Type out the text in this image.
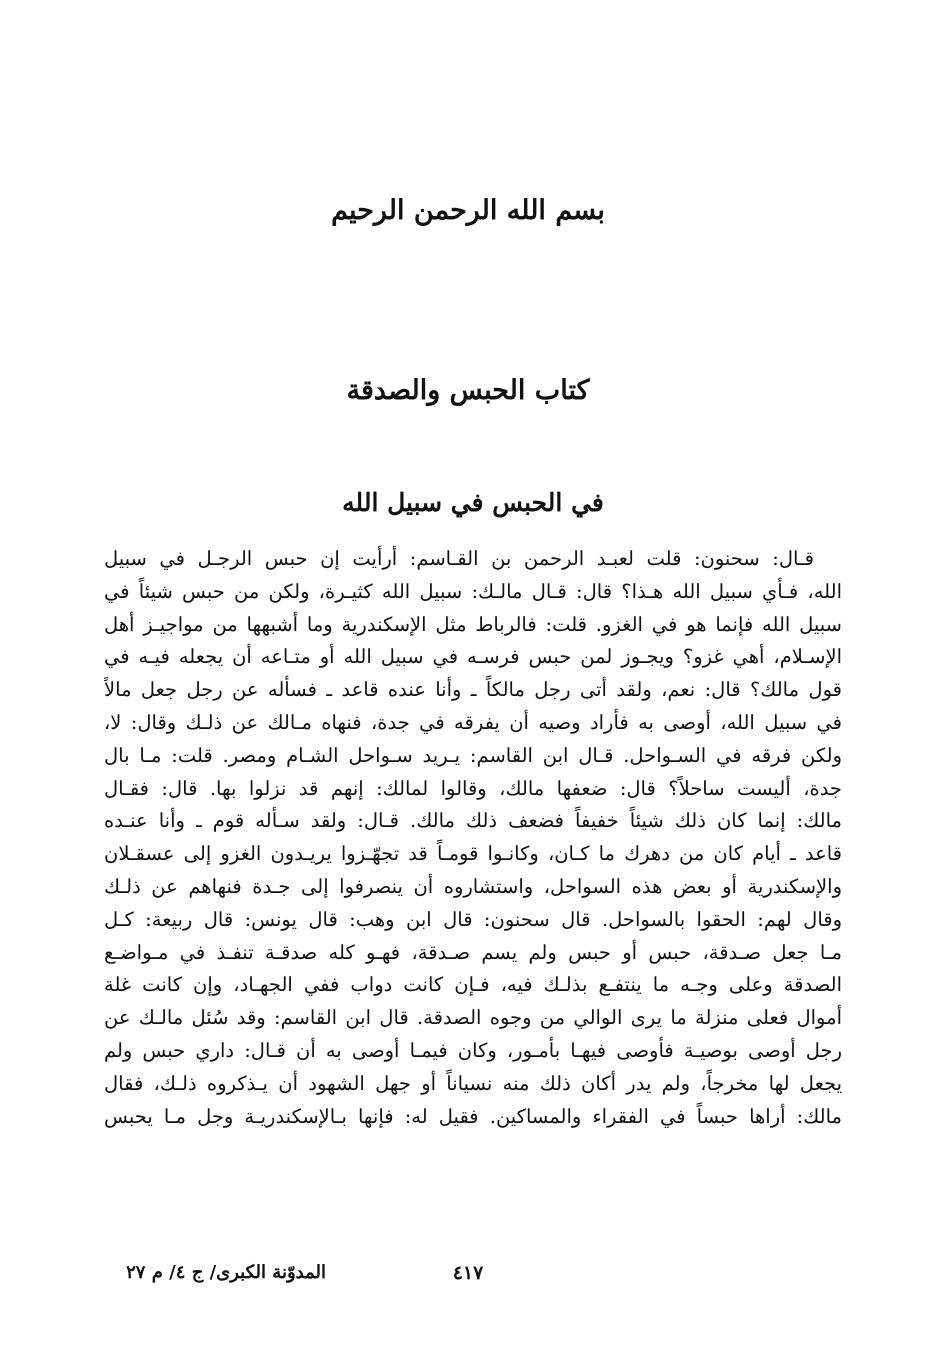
بسم الله الرحمن الرحيم
كتاب الحبس والصدقة
في الحبس في سبيل الله
قـال: سحنون: قلت لعبـد الرحمن بن القـاسم: أرأيت إن حبس الرجـل في سبيل
الله، فـأي سبيل الله هـذا؟ قال: قـال مالـك: سبيل الله كثيـرة، ولكن من حبس شيئاً في
سبيل الله فإنما هو في الغزو. قلت: فالرباط مثل الإسكندرية وما أشبهها من مواجيـز أهل
الإسـلام، أهي غزو؟ ويجـوز لمن حبس فرسـه في سبيل الله أو متـاعه أن يجعله فيـه في
قول مالك؟ قال: نعم، ولقد أتى رجل مالكاً ـ وأنا عنده قاعد ـ فسأله عن رجل جعل مالاً
في سبيل الله، أوصى به فأراد وصيه أن يفرقه في جدة، فنهاه مـالك عن ذلـك وقال: لا،
ولكن فرقه في السـواحل. قـال ابن القاسم: يـريد سـواحل الشـام ومصر. قلت: مـا بال
جدة، أليست ساحلاً؟ قال: ضعفها مالك، وقالوا لمالك: إنهم قد نزلوا بها. قال: فقـال
مالك: إنما كان ذلك شيئاً خفيفاً فضعف ذلك مالك. قـال: ولقد سـأله قوم ـ وأنا عنـده
قاعد ـ أيام كان من دهرك ما كـان، وكانـوا قومـاً قد تجهّـزوا يريـدون الغزو إلى عسقـلان
والإسكندرية أو بعض هذه السواحل، واستشاروه أن ينصرفوا إلى جـدة فنهاهم عن ذلـك
وقال لهم: الحقوا بالسواحل. قال سحنون: قال ابن وهب: قال يونس: قال ربيعة: كـل
مـا جعل صـدقة، حبس أو حبس ولم يسم صـدقة، فهـو كله صدقـة تنفـذ في مـواضـع
الصدقة وعلى وجـه ما ينتفـع بذلـك فيه، فـإن كانت دواب ففي الجهـاد، وإن كانت غلة
أموال فعلى منزلة ما يرى الوالي من وجوه الصدقة. قال ابن القاسم: وقد سُئل مالـك عن
رجل أوصى بوصيـة فأوصى فيهـا بأمـور، وكان فيمـا أوصى به أن قـال: داري حبس ولم
يجعل لها مخرجاً، ولم يدر أكان ذلك منه نسياناً أو جهل الشهود أن يـذكروه ذلـك، فقال
مالك: أراها حبساً في الفقراء والمساكين. فقيل له: فإنها بـالإسكندريـة وجل مـا يحبس
٤١٧
المدوّنة الكبرى/ ج ٤/ م ٢٧
